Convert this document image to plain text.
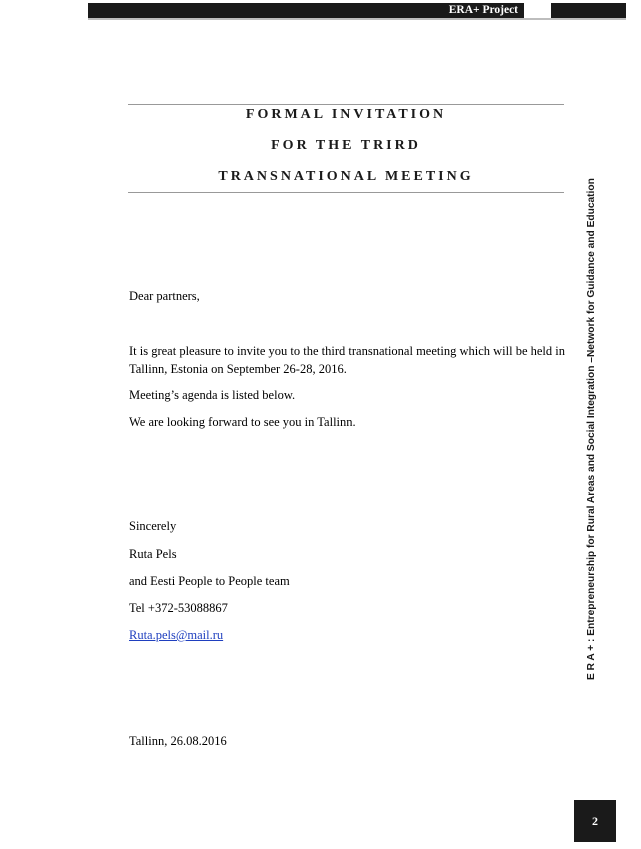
ERA+ Project
FORMAL INVITATION
FOR THE TRIRD
TRANSNATIONAL MEETING
Dear partners,
It is great pleasure to invite you to the third transnational meeting which will be held in Tallinn, Estonia on September 26-28, 2016.
Meeting’s agenda is listed below.
We are looking forward to see you in Tallinn.
Sincerely
Ruta Pels
and Eesti People to People team
Tel +372-53088867
Ruta.pels@mail.ru
Tallinn, 26.08.2016
E R A + : Entrepreneurship for Rural Areas and Social Integration –Network for Guidance and Education
2
